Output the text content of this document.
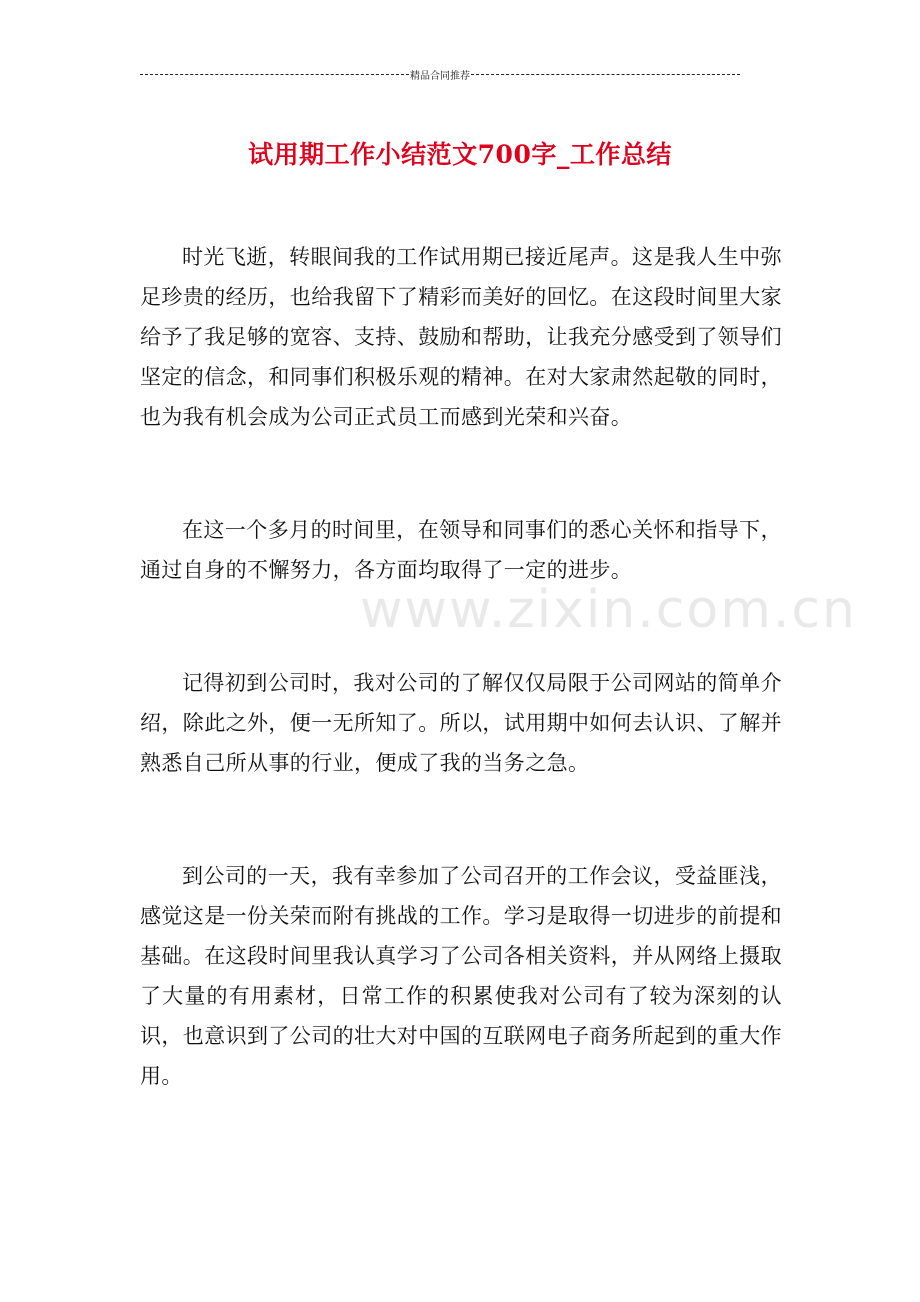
精品合同推荐
试用期工作小结范文700字_工作总结

时光飞逝，转眼间我的工作试用期已接近尾声。这是我人生中弥足珍贵的经历，也给我留下了精彩而美好的回忆。在这段时间里大家给予了我足够的宽容、支持、鼓励和帮助，让我充分感受到了领导们坚定的信念，和同事们积极乐观的精神。在对大家肃然起敬的同时，也为我有机会成为公司正式员工而感到光荣和兴奋。

在这一个多月的时间里，在领导和同事们的悉心关怀和指导下，通过自身的不懈努力，各方面均取得了一定的进步。

记得初到公司时，我对公司的了解仅仅局限于公司网站的简单介绍，除此之外，便一无所知了。所以，试用期中如何去认识、了解并熟悉自己所从事的行业，便成了我的当务之急。

到公司的一天，我有幸参加了公司召开的工作会议，受益匪浅，感觉这是一份关荣而附有挑战的工作。学习是取得一切进步的前提和基础。在这段时间里我认真学习了公司各相关资料，并从网络上摄取了大量的有用素材，日常工作的积累使我对公司有了较为深刻的认识，也意识到了公司的壮大对中国的互联网电子商务所起到的重大作用。

www.zixin.com.cn
